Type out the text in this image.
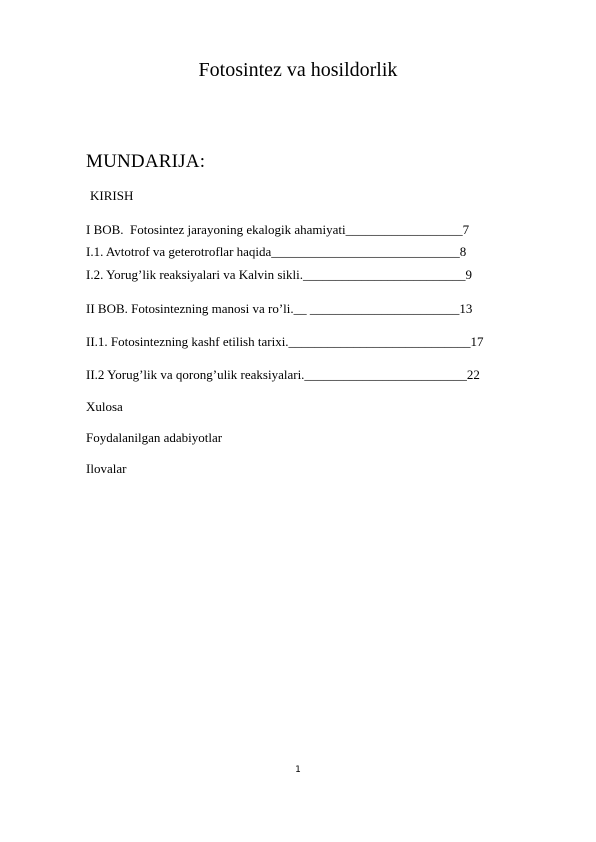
Fotosintez va hosildorlik
MUNDARIJA:
KIRISH
I BOB.  Fotosintez jarayoning ekalogik ahamiyati__________________7
I.1. Avtotrof va geterotroflar haqida_____________________________8
I.2. Yorug’lik reaksiyalari va Kalvin sikli._________________________9
II BOB. Fotosintezning manosi va ro’li.__ _______________________13
II.1. Fotosintezning kashf etilish tarixi.____________________________17
II.2 Yorug’lik va qorong’ulik reaksiyalari._________________________22
Xulosa
Foydalanilgan adabiyotlar
Ilovalar
1
